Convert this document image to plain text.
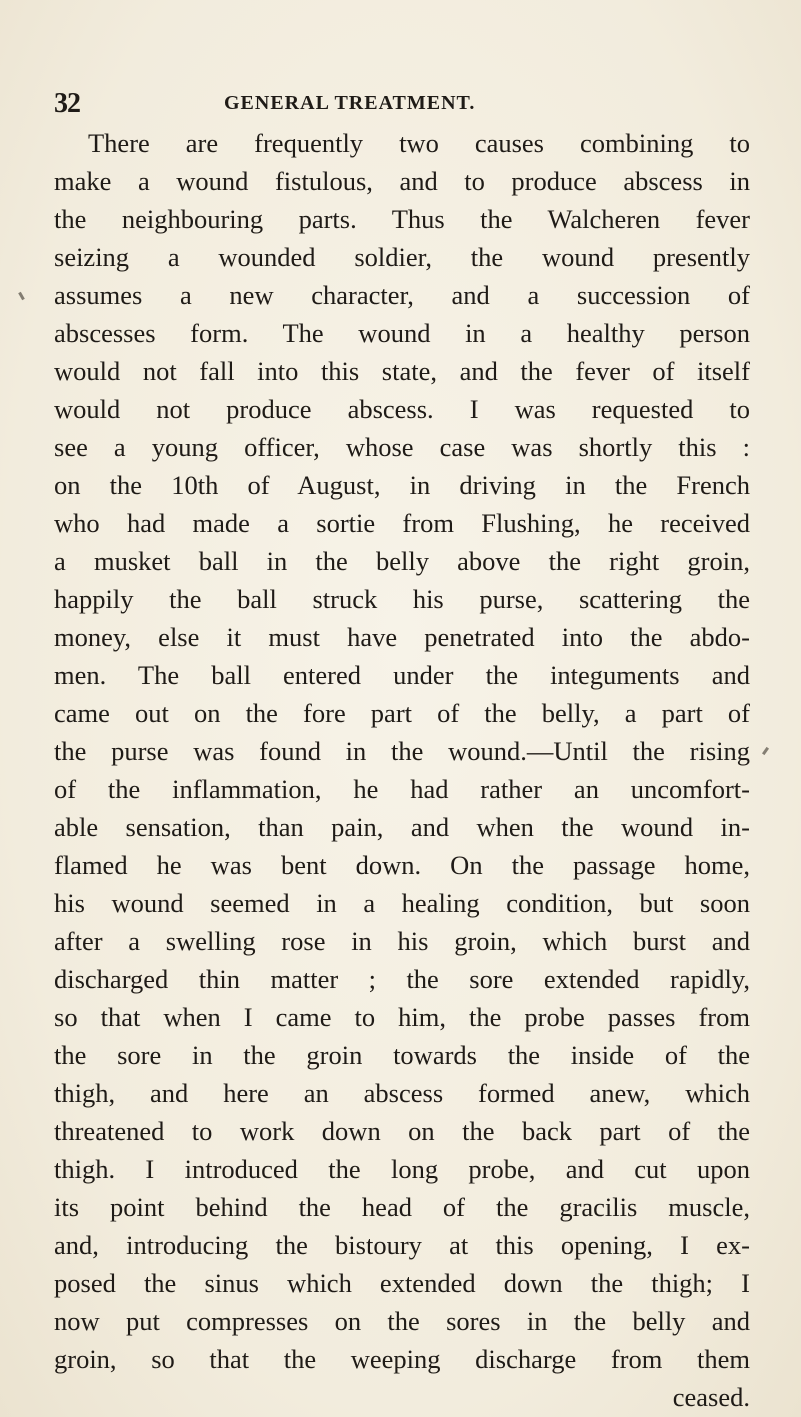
32	GENERAL TREATMENT.
There are frequently two causes combining to
make a wound fistulous, and to produce abscess in
the neighbouring parts. Thus the Walcheren fever
seizing a wounded soldier, the wound presently
assumes a new character, and a succession of
abscesses form. The wound in a healthy person
would not fall into this state, and the fever of itself
would not produce abscess. I was requested to
see a young officer, whose case was shortly this :
on the 10th of August, in driving in the French
who had made a sortie from Flushing, he received
a musket ball in the belly above the right groin,
happily the ball struck his purse, scattering the
money, else it must have penetrated into the abdo-
men. The ball entered under the integuments and
came out on the fore part of the belly, a part of
the purse was found in the wound.—Until the rising
of the inflammation, he had rather an uncomfort-
able sensation, than pain, and when the wound in-
flamed he was bent down. On the passage home,
his wound seemed in a healing condition, but soon
after a swelling rose in his groin, which burst and
discharged thin matter ; the sore extended rapidly,
so that when I came to him, the probe passes from
the sore in the groin towards the inside of the
thigh, and here an abscess formed anew, which
threatened to work down on the back part of the
thigh. I introduced the long probe, and cut upon
its point behind the head of the gracilis muscle,
and, introducing the bistoury at this opening, I ex-
posed the sinus which extended down the thigh; I
now put compresses on the sores in the belly and
groin, so that the weeping discharge from them
ceased.
